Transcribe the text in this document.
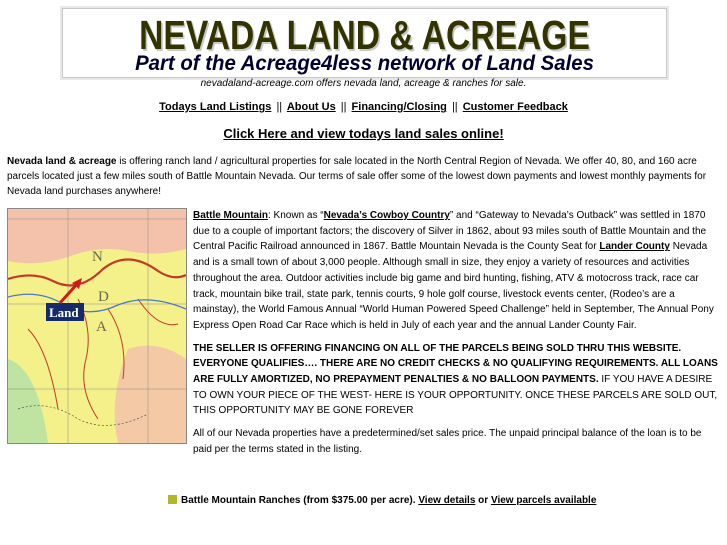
NEVADA LAND & ACREAGE
Part of the Acreage4less network of Land Sales
nevadaland-acreage.com offers nevada land, acreage & ranches for sale.
Todays Land Listings || About Us || Financing/Closing || Customer Feedback
Click Here and view todays land sales online!
Nevada land & acreage is offering ranch land / agricultural properties for sale located in the North Central Region of Nevada. We offer 40, 80, and 160 acre parcels located just a few miles south of Battle Mountain Nevada. Our terms of sale offer some of the lowest down payments and lowest monthly payments for Nevada land purchases anywhere!
N
D
A
Land

Battle Mountain: Known as “Nevada’s Cowboy Country” and “Gateway to Nevada’s Outback” was settled in 1870 due to a couple of important factors; the discovery of Silver in 1862, about 93 miles south of Battle Mountain and the Central Pacific Railroad announced in 1867. Battle Mountain Nevada is the County Seat for Lander County Nevada and is a small town of about 3,000 people. Although small in size, they enjoy a variety of resources and activities throughout the area. Outdoor activities include big game and bird hunting, fishing, ATV & motocross track, race car track, mountain bike trail, state park, tennis courts, 9 hole golf course, livestock events center, (Rodeo’s are a mainstay), the World Famous Annual “World Human Powered Speed Challenge” held in September, The Annual Pony Express Open Road Car Race which is held in July of each year and the annual Lander County Fair.

THE SELLER IS OFFERING FINANCING ON ALL OF THE PARCELS BEING SOLD THRU THIS WEBSITE. EVERYONE QUALIFIES…. THERE ARE NO CREDIT CHECKS & NO QUALIFYING REQUIREMENTS. ALL LOANS ARE FULLY AMORTIZED, NO PREPAYMENT PENALTIES & NO BALLOON PAYMENTS. IF YOU HAVE A DESIRE TO OWN YOUR PIECE OF THE WEST- HERE IS YOUR OPPORTUNITY. ONCE THESE PARCELS ARE SOLD OUT, THIS OPPORTUNITY MAY BE GONE FOREVER

All of our Nevada properties have a predetermined/set sales price. The unpaid principal balance of the loan is to be paid per the terms stated in the listing.

Battle Mountain Ranches (from $375.00 per acre). View details or View parcels available
